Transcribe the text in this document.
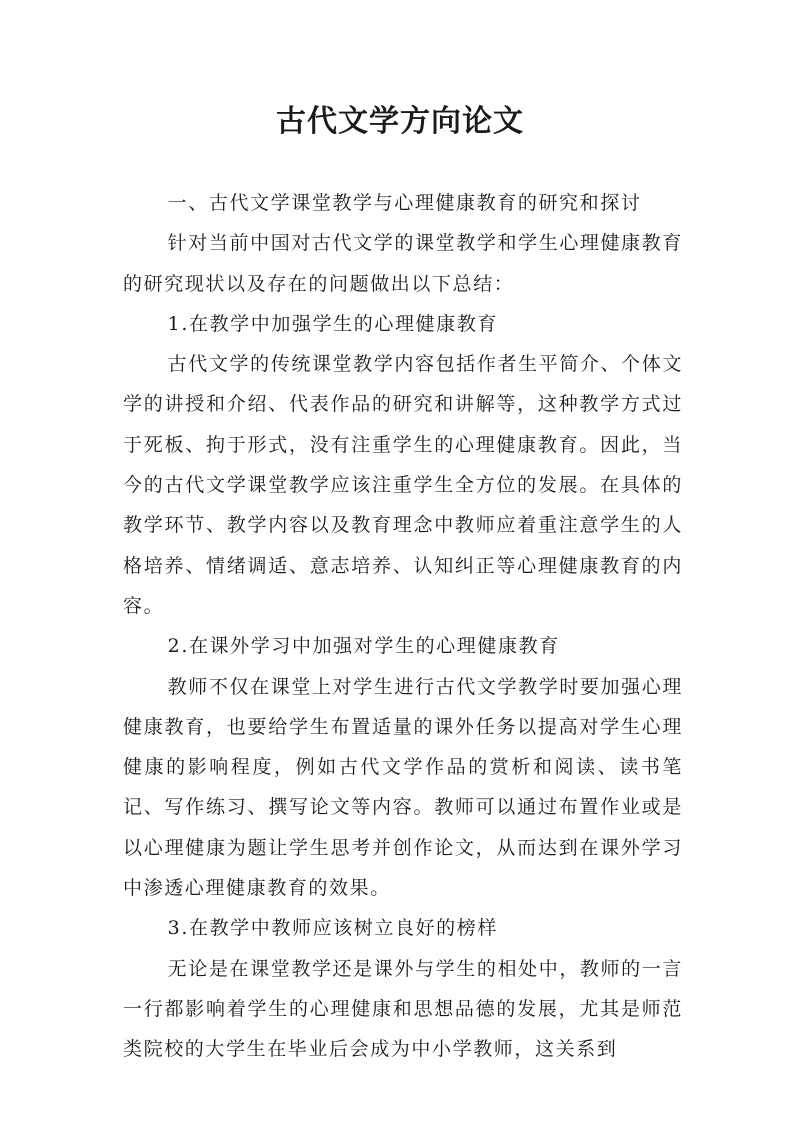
古代文学方向论文

一、古代文学课堂教学与心理健康教育的研究和探讨

针对当前中国对古代文学的课堂教学和学生心理健康教育的研究现状以及存在的问题做出以下总结：

1.在教学中加强学生的心理健康教育

古代文学的传统课堂教学内容包括作者生平简介、个体文学的讲授和介绍、代表作品的研究和讲解等，这种教学方式过于死板、拘于形式，没有注重学生的心理健康教育。因此，当今的古代文学课堂教学应该注重学生全方位的发展。在具体的教学环节、教学内容以及教育理念中教师应着重注意学生的人格培养、情绪调适、意志培养、认知纠正等心理健康教育的内容。

2.在课外学习中加强对学生的心理健康教育

教师不仅在课堂上对学生进行古代文学教学时要加强心理健康教育，也要给学生布置适量的课外任务以提高对学生心理健康的影响程度，例如古代文学作品的赏析和阅读、读书笔记、写作练习、撰写论文等内容。教师可以通过布置作业或是以心理健康为题让学生思考并创作论文，从而达到在课外学习中渗透心理健康教育的效果。

3.在教学中教师应该树立良好的榜样

无论是在课堂教学还是课外与学生的相处中，教师的一言一行都影响着学生的心理健康和思想品德的发展，尤其是师范类院校的大学生在毕业后会成为中小学教师，这关系到
